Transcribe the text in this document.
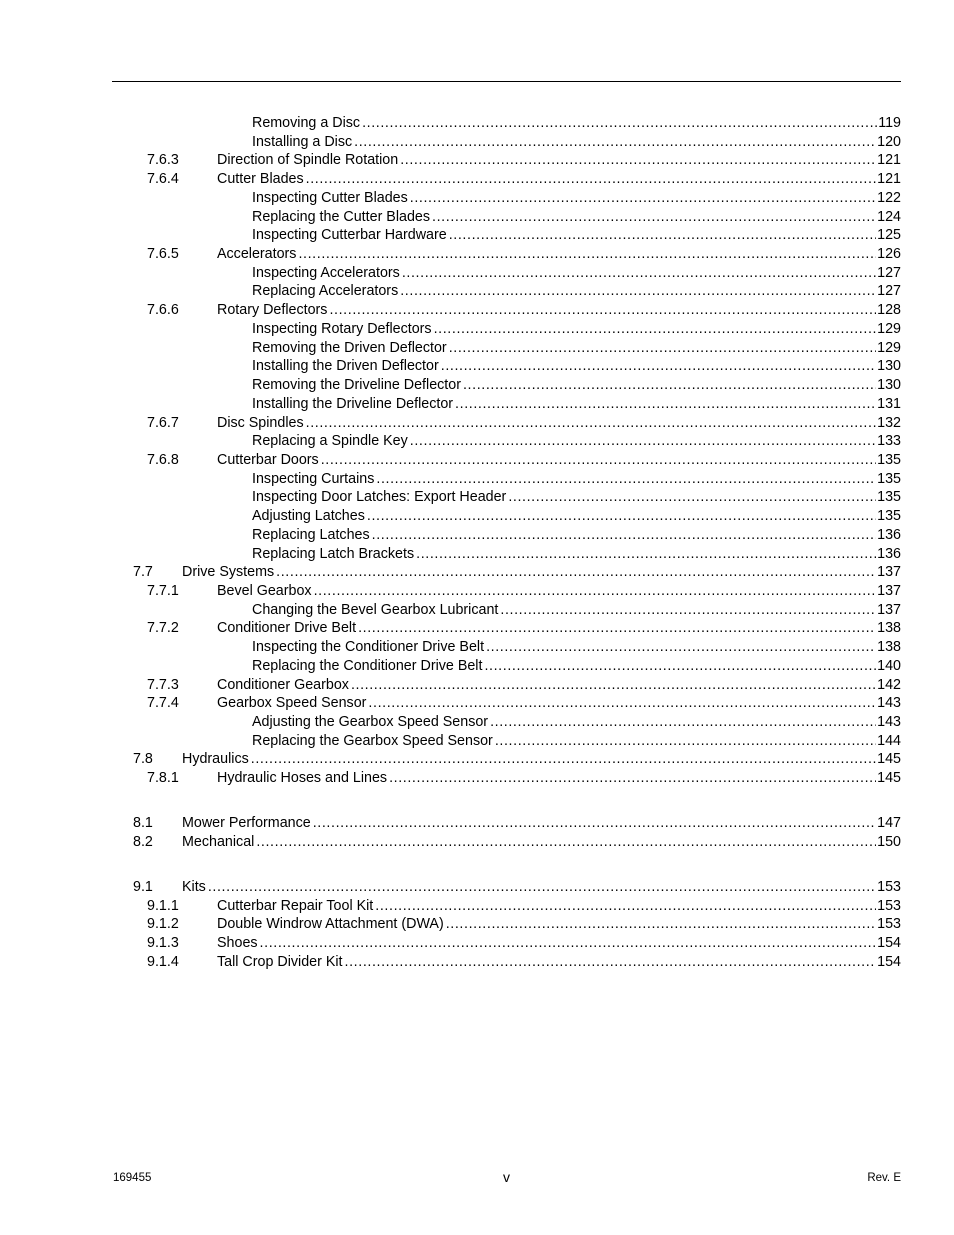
Removing a Disc .....	119
Installing a Disc .....	120
7.6.3	Direction of Spindle Rotation .....	121
7.6.4	Cutter Blades .....	121
Inspecting Cutter Blades .....	122
Replacing the Cutter Blades .....	124
Inspecting Cutterbar Hardware .....	125
7.6.5	Accelerators .....	126
Inspecting Accelerators .....	127
Replacing Accelerators .....	127
7.6.6	Rotary Deflectors .....	128
Inspecting Rotary Deflectors .....	129
Removing the Driven Deflector .....	129
Installing the Driven Deflector .....	130
Removing the Driveline Deflector .....	130
Installing the Driveline Deflector .....	131
7.6.7	Disc Spindles .....	132
Replacing a Spindle Key .....	133
7.6.8	Cutterbar Doors .....	135
Inspecting Curtains .....	135
Inspecting Door Latches: Export Header .....	135
Adjusting Latches .....	135
Replacing Latches .....	136
Replacing Latch Brackets .....	136
7.7 Drive Systems .....	137
7.7.1	Bevel Gearbox .....	137
Changing the Bevel Gearbox Lubricant .....	137
7.7.2	Conditioner Drive Belt .....	138
Inspecting the Conditioner Drive Belt .....	138
Replacing the Conditioner Drive Belt .....	140
7.7.3	Conditioner Gearbox .....	142
7.7.4	Gearbox Speed Sensor .....	143
Adjusting the Gearbox Speed Sensor .....	143
Replacing the Gearbox Speed Sensor .....	144
7.8 Hydraulics .....	145
7.8.1	Hydraulic Hoses and Lines .....	145
8.1 Mower Performance .....	147
8.2 Mechanical .....	150
9.1 Kits .....	153
9.1.1	Cutterbar Repair Tool Kit .....	153
9.1.2	Double Windrow Attachment (DWA) .....	153
9.1.3	Shoes .....	154
9.1.4	Tall Crop Divider Kit .....	154
169455	v	Rev. E
